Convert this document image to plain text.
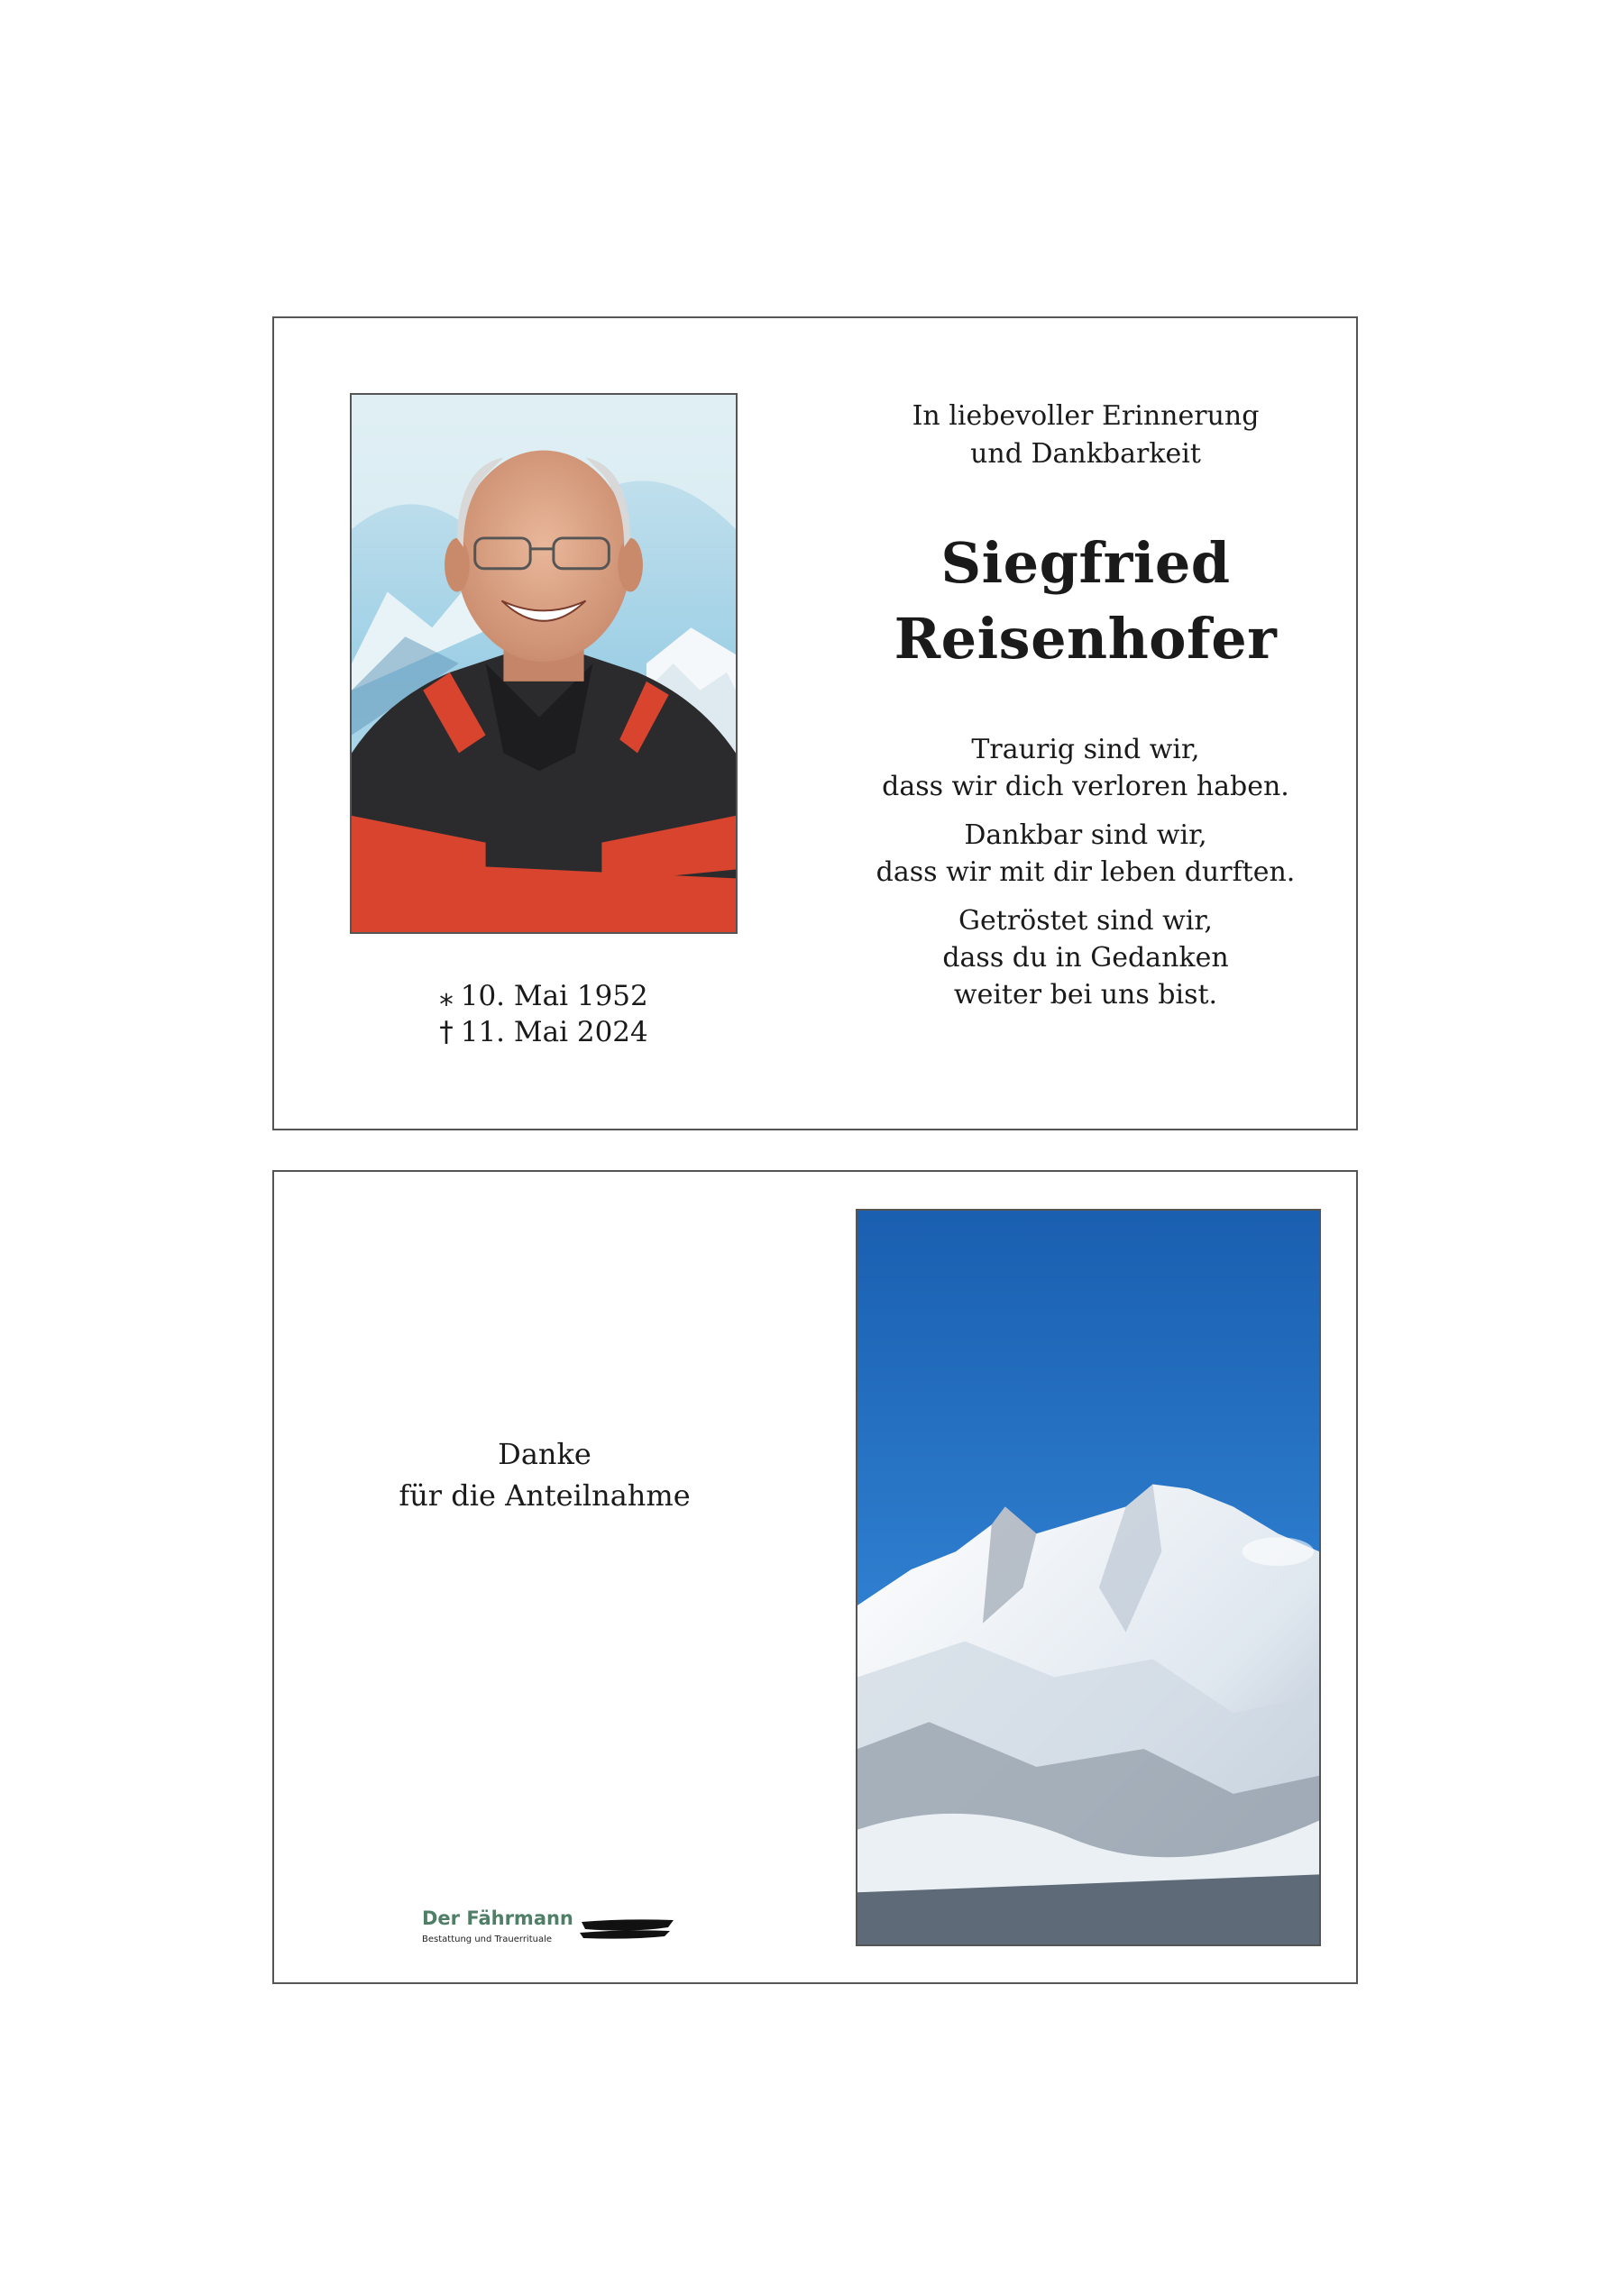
⁎ 10. Mai 1952
† 11. Mai 2024
In liebevoller Erinnerung
und Dankbarkeit
Siegfried
Reisenhofer
Traurig sind wir,
dass wir dich verloren haben.
Dankbar sind wir,
dass wir mit dir leben durften.
Getröstet sind wir,
dass du in Gedanken
weiter bei uns bist.
Danke
für die Anteilnahme
Der Fährmann
Bestattung und Trauerrituale
